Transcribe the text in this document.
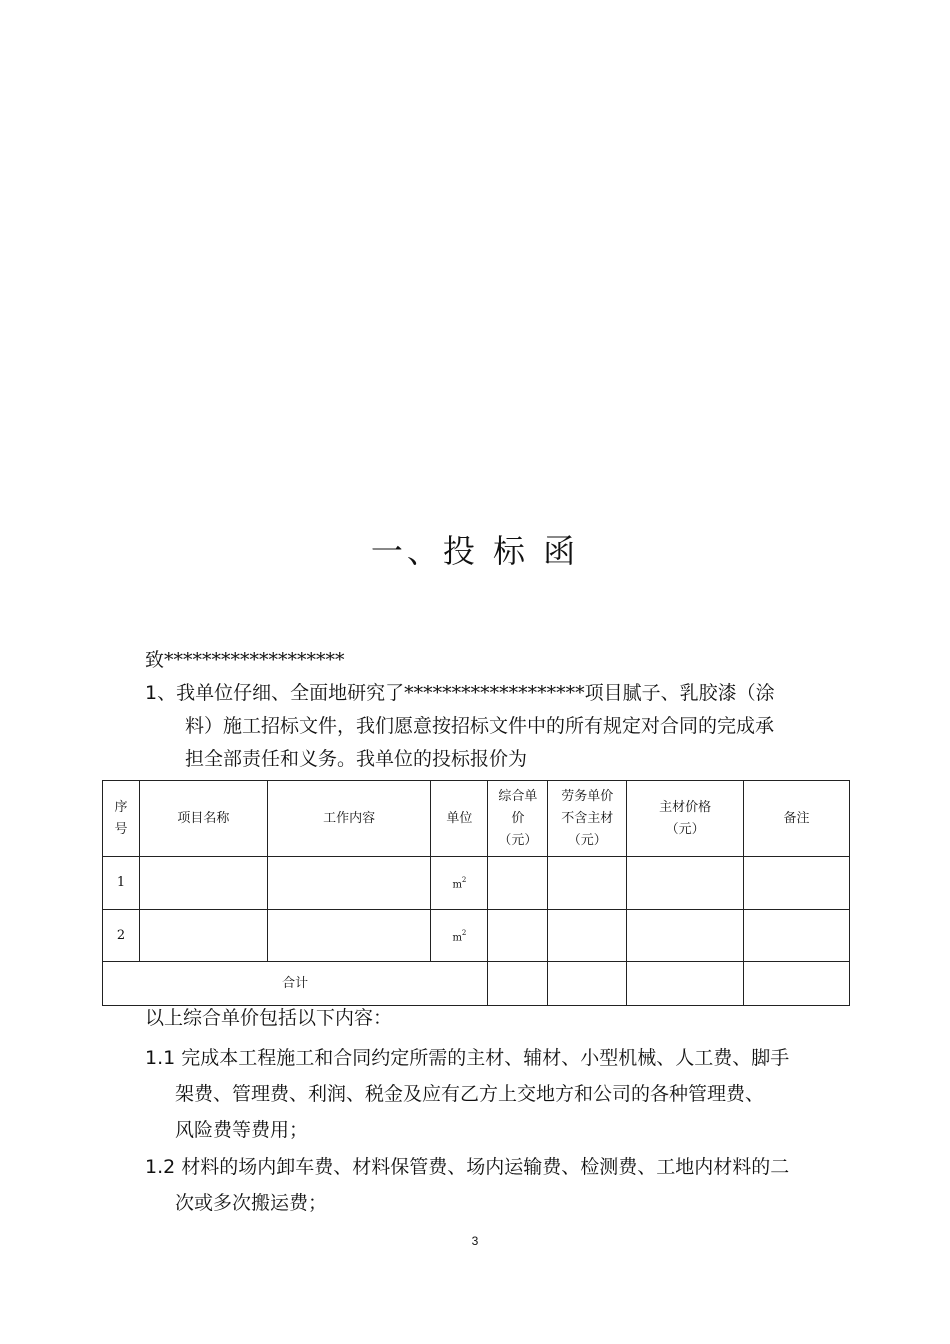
一、投 标 函
致*******************
1、我单位仔细、全面地研究了*******************项目腻子、乳胶漆（涂
料）施工招标文件，我们愿意按招标文件中的所有规定对合同的完成承
担全部责任和义务。我单位的投标报价为
序
号	项目名称	工作内容	单位	综合单
价
（元）	劳务单价
不含主材
（元）	主材价格
（元）	备注
1			$m^2$				
2			$m^2$				
合计							
以上综合单价包括以下内容：
1.1 完成本工程施工和合同约定所需的主材、辅材、小型机械、人工费、脚手
架费、管理费、利润、税金及应有乙方上交地方和公司的各种管理费、
风险费等费用；
1.2 材料的场内卸车费、材料保管费、场内运输费、检测费、工地内材料的二
次或多次搬运费；
3
